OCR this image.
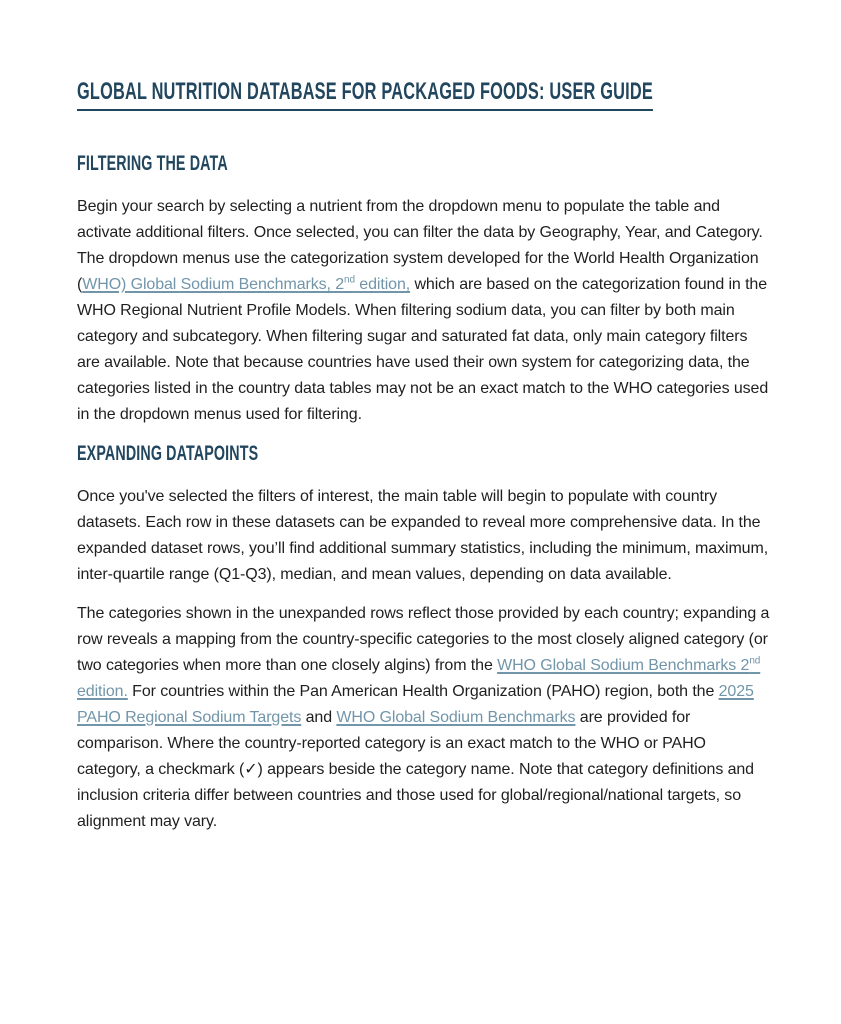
GLOBAL NUTRITION DATABASE FOR PACKAGED FOODS: USER GUIDE
FILTERING THE DATA

Begin your search by selecting a nutrient from the dropdown menu to populate the table and activate additional filters. Once selected, you can filter the data by Geography, Year, and Category. The dropdown menus use the categorization system developed for the World Health Organization (WHO) Global Sodium Benchmarks, 2nd edition, which are based on the categorization found in the WHO Regional Nutrient Profile Models. When filtering sodium data, you can filter by both main category and subcategory. When filtering sugar and saturated fat data, only main category filters are available. Note that because countries have used their own system for categorizing data, the categories listed in the country data tables may not be an exact match to the WHO categories used in the dropdown menus used for filtering.

EXPANDING DATAPOINTS

Once you've selected the filters of interest, the main table will begin to populate with country datasets. Each row in these datasets can be expanded to reveal more comprehensive data. In the expanded dataset rows, you’ll find additional summary statistics, including the minimum, maximum, inter-quartile range (Q1-Q3), median, and mean values, depending on data available.

The categories shown in the unexpanded rows reflect those provided by each country; expanding a row reveals a mapping from the country-specific categories to the most closely aligned category (or two categories when more than one closely algins) from the WHO Global Sodium Benchmarks 2nd edition. For countries within the Pan American Health Organization (PAHO) region, both the 2025 PAHO Regional Sodium Targets and WHO Global Sodium Benchmarks are provided for comparison. Where the country-reported category is an exact match to the WHO or PAHO category, a checkmark (✓) appears beside the category name. Note that category definitions and inclusion criteria differ between countries and those used for global/regional/national targets, so alignment may vary.
